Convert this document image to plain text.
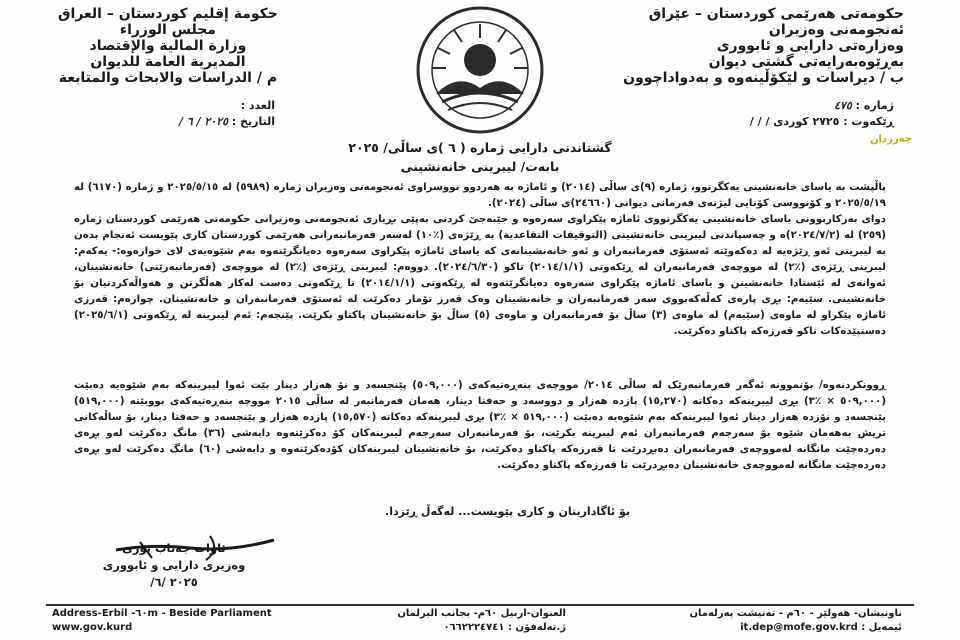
حكومة إقليم كوردستان – العراق
مجلس الوزراء
وزارة المالية والإقتصاد
المديرية العامة للديوان
م / الدراسات والابحاث والمتابعة
حکومەتی هەرێمی کوردستان – عێراق
ئەنجومەنی وەزیران
وەزارەتی دارایی و ئابووری
بەڕێوەبەرایەتی گشتی دیوان
ب / دیراسات و لێکۆڵینەوە و بەدواداچوون
العدد :
التاريخ : ٢٠٢٥ / ٦ /
ژمارە : ٤٧٥
ڕێکەوت : ٢٧٢٥ کوردی / / /
چەرزدان
گشتاندنی دارایی ژمارە ( ٦ )ی ساڵی/ ٢٠٢٥
بابەت/ لیبرینی خانەنشینی

پاڵپشت بە یاسای خانەنشینی یەکگرتوو، ژمارە (٩)ی ساڵی (٢٠١٤) و ئاماژە بە هەردوو نووسراوی ئەنجومەنی وەزیران ژمارە (٥٩٨٩) لە ٢٠٢٥/٥/١٥ و ژمارە (٦١٧٠) لە ٢٠٢٥/٥/١٩ و کۆنووسی کۆتایی لیژنەی فەرمانی دیوانی (٢٤٦٦٠)ی ساڵی (٢٠٢٤).

دوای بەرکاربوونی یاسای خانەنشینی یەکگرتووی ئاماژە پێکراوی سەرەوە و جێبەجێ کردنی بەپێی بڕیاری ئەنجومەنی وەزیرانی حکومەتی هەرێمی کوردستان ژمارە (٢٥٩) لە (٢٠٢٤/٧/٢)ە و چەسپاندنی لیبرینی خانەنشینی (التوقيفات التقاعدية) بە ڕێژەی (٪١٠) لەسەر فەرمانبەرانی هەرێمی کوردستان کاری پێویست ئەنجام بدەن بە لیبرینی ئەو ڕێژەیە لە دەکەوێتە ئەستۆی فەرمانبەران و ئەو خانەنشینانەی کە یاسای ئاماژە پێکراوی سەرەوە دەیانگرێتەوە بەم شێوەیەی لای خوارەوە:- یەکەم: لیبرینی ڕێژەی (٪٢) لە مووچەی فەرمانبەران لە ڕێکەوتی (٢٠١٤/١/١) تاکو (٢٠٢٤/٦/٣٠). دووەم: لیبرینی ڕێژەی (٪٢) لە مووچەی (فەرمانبەرێتی) خانەنشینان، ئەوانەی لە ئێستادا خانەنشینن و یاسای ئاماژە پێکراوی سەرەوە دەیانگرێتەوە لە ڕێکەوتی (٢٠١٤/١/١) تا ڕێکەوتی دەست لەکار هەڵگرتن و هەواڵەکردنیان بۆ خانەنشینی. سێیەم: بڕی پارەی کەڵەکەبووی سەر فەرمانبەران و خانەنشینان وەک قەرز تۆمار دەکرێت لە ئەستۆی فەرمانبەران و خانەنشینان. چوارەم: قەرزی ئاماژە پێکراو لە ماوەی (سێیەم) لە ماوەی (٣) ساڵ بۆ فەرمانبەران و ماوەی (٥) ساڵ بۆ خانەنشینان پاکتاو بکرێت. پێنجەم: ئەم لیبرینە لە ڕێکەوتی (٢٠٢٥/٦/١) دەستپێدەکات تاکو قەرزەکە پاکتاو دەکرێت.

ڕوونکردنەوە/ بۆنموونە ئەگەر فەرمانبەرێک لە ساڵی ٢٠١٤/ مووچەی بنەڕەتیەکەی (٥٠٩,٠٠٠) پێنجسەد و نۆ هەزار دینار بێت ئەوا لیبرینەکە بەم شێوەیە دەبێت (٥٠٩,٠٠٠ × ٪٣) بڕی لیبرینەکە دەکاتە (١٥,٢٧٠) پازدە هەزار و دووسەد و حەفتا دینار، هەمان فەرمانبەر لە ساڵی ٢٠١٥ مووچە بنەڕەتیەکەی بووبێتە (٥١٩,٠٠٠) پێنجسەد و نۆزدە هەزار دینار ئەوا لیبرینەکە بەم شێوەیە دەبێت (٥١٩,٠٠٠ × ٪٣) بڕی لیبرینەکە دەکاتە (١٥,٥٧٠) پازدە هەزار و پێنجسەد و حەفتا دینار، بۆ ساڵەکانی تریش بەهەمان شێوە بۆ سەرجەم فەرمانبەران ئەم لیبرینە بکرێت، بۆ فەرمانبەران سەرجەم لیبرینەکان کۆ دەکرێتەوە دابەشی (٣٦) مانگ دەکرێت لەو بڕەی دەردەچێت مانگانە لەمووچەی فەرمانبەران دەبڕدرێت تا قەرزەکە پاکتاو دەکرێت، بۆ خانەنشینان لیبرینەکان کۆدەکرێتەوە و دابەشی (٦٠) مانگ دەکرێت لەو بڕەی دەردەچێت مانگانە لەمووچەی خانەنشینان دەبڕدرێت تا قەرزەکە پاکتاو دەکرێت.

بۆ ئاگاداریتان و کاری پێویست... لەگەڵ ڕێزدا.
ئاوات جەناب نوری
وەزیری دارایی و ئابووری
٢٠٢٥ /٦/
Address-Erbil -٦٠m - Beside Parliament
www.gov.kurd
العنوان-اربيل ٦٠م- بجانب البرلمان
ژ.تەلەفۆن : ٠٦٦٢٢٢٤٧٤١
ناونیشان- هەولێر - ٦٠م - تەنیشت پەرلەمان
ئیمەیل : it.dep@mofe.gov.krd
